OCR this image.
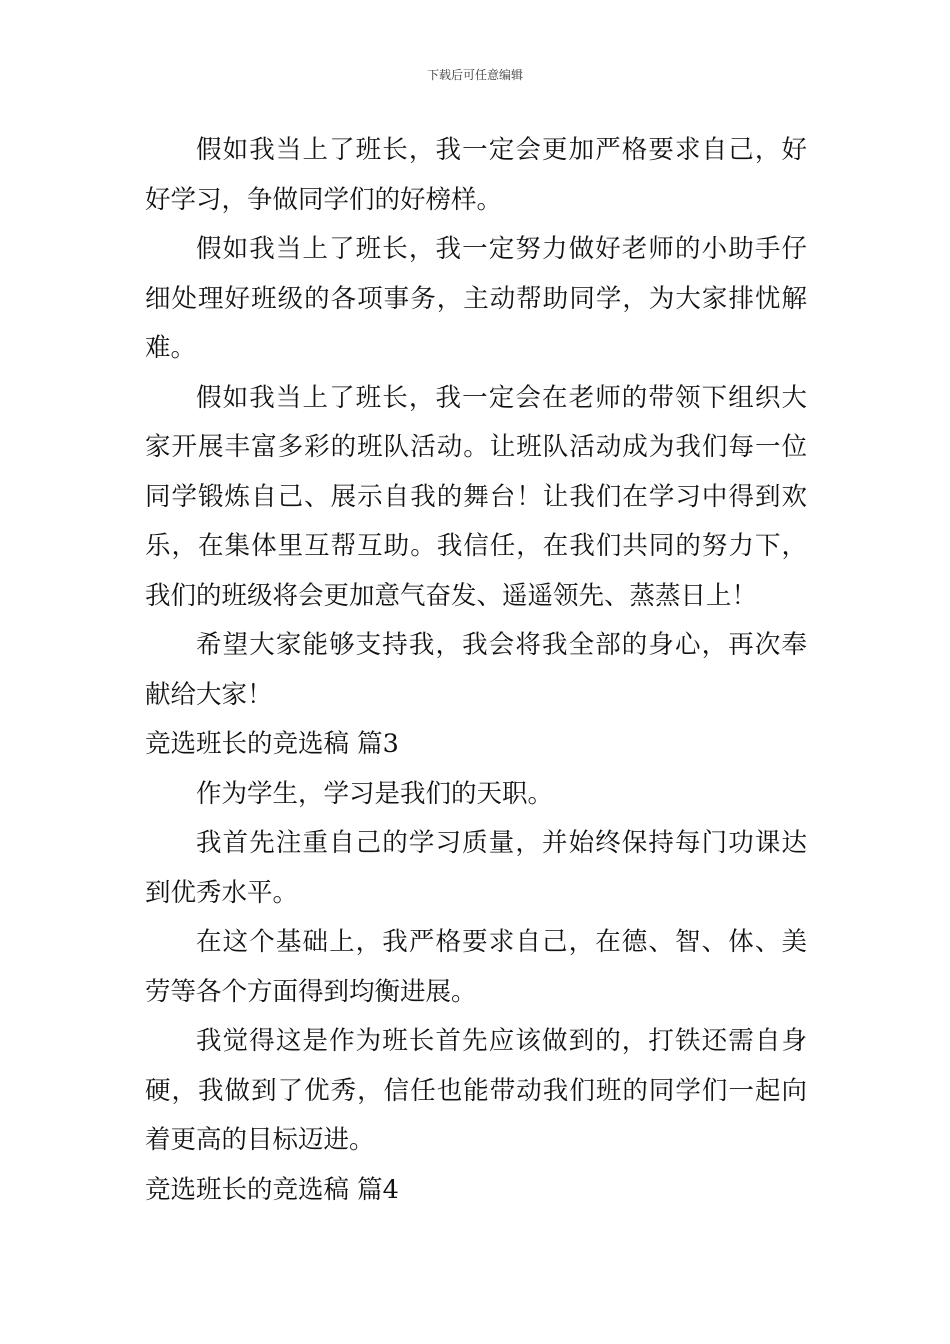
下载后可任意编辑

假如我当上了班长，我一定会更加严格要求自己，好好学习，争做同学们的好榜样。

假如我当上了班长，我一定努力做好老师的小助手仔细处理好班级的各项事务，主动帮助同学，为大家排忧解难。

假如我当上了班长，我一定会在老师的带领下组织大家开展丰富多彩的班队活动。让班队活动成为我们每一位同学锻炼自己、展示自我的舞台！让我们在学习中得到欢乐，在集体里互帮互助。我信任，在我们共同的努力下，我们的班级将会更加意气奋发、遥遥领先、蒸蒸日上！

希望大家能够支持我，我会将我全部的身心，再次奉献给大家！

竞选班长的竞选稿 篇3

作为学生，学习是我们的天职。

我首先注重自己的学习质量，并始终保持每门功课达到优秀水平。

在这个基础上，我严格要求自己，在德、智、体、美劳等各个方面得到均衡进展。

我觉得这是作为班长首先应该做到的，打铁还需自身硬，我做到了优秀，信任也能带动我们班的同学们一起向着更高的目标迈进。

竞选班长的竞选稿 篇4
